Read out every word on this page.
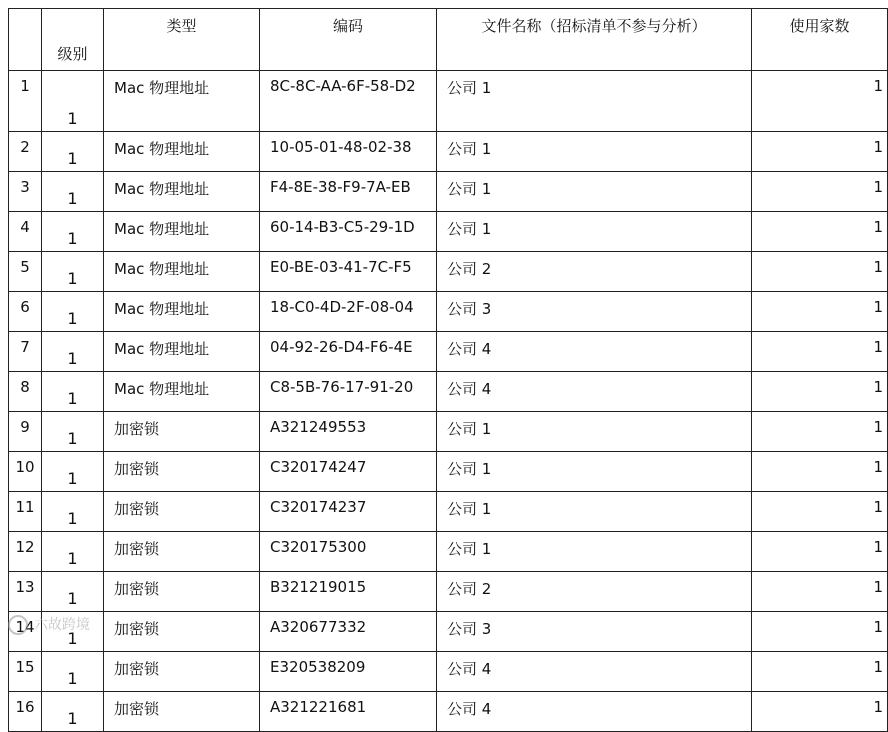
	级别	类型	编码	文件名称（招标清单不参与分析）	使用家数
1	1	Mac 物理地址	8C-8C-AA-6F-58-D2	公司 1	1
2	1	Mac 物理地址	10-05-01-48-02-38	公司 1	1
3	1	Mac 物理地址	F4-8E-38-F9-7A-EB	公司 1	1
4	1	Mac 物理地址	60-14-B3-C5-29-1D	公司 1	1
5	1	Mac 物理地址	E0-BE-03-41-7C-F5	公司 2	1
6	1	Mac 物理地址	18-C0-4D-2F-08-04	公司 3	1
7	1	Mac 物理地址	04-92-26-D4-F6-4E	公司 4	1
8	1	Mac 物理地址	C8-5B-76-17-91-20	公司 4	1
9	1	加密锁	A321249553	公司 1	1
10	1	加密锁	C320174247	公司 1	1
11	1	加密锁	C320174237	公司 1	1
12	1	加密锁	C320175300	公司 1	1
13	1	加密锁	B321219015	公司 2	1
14	1	加密锁	A320677332	公司 3	1
15	1	加密锁	E320538209	公司 4	1
16	1	加密锁	A321221681	公司 4	1
六故跨境
